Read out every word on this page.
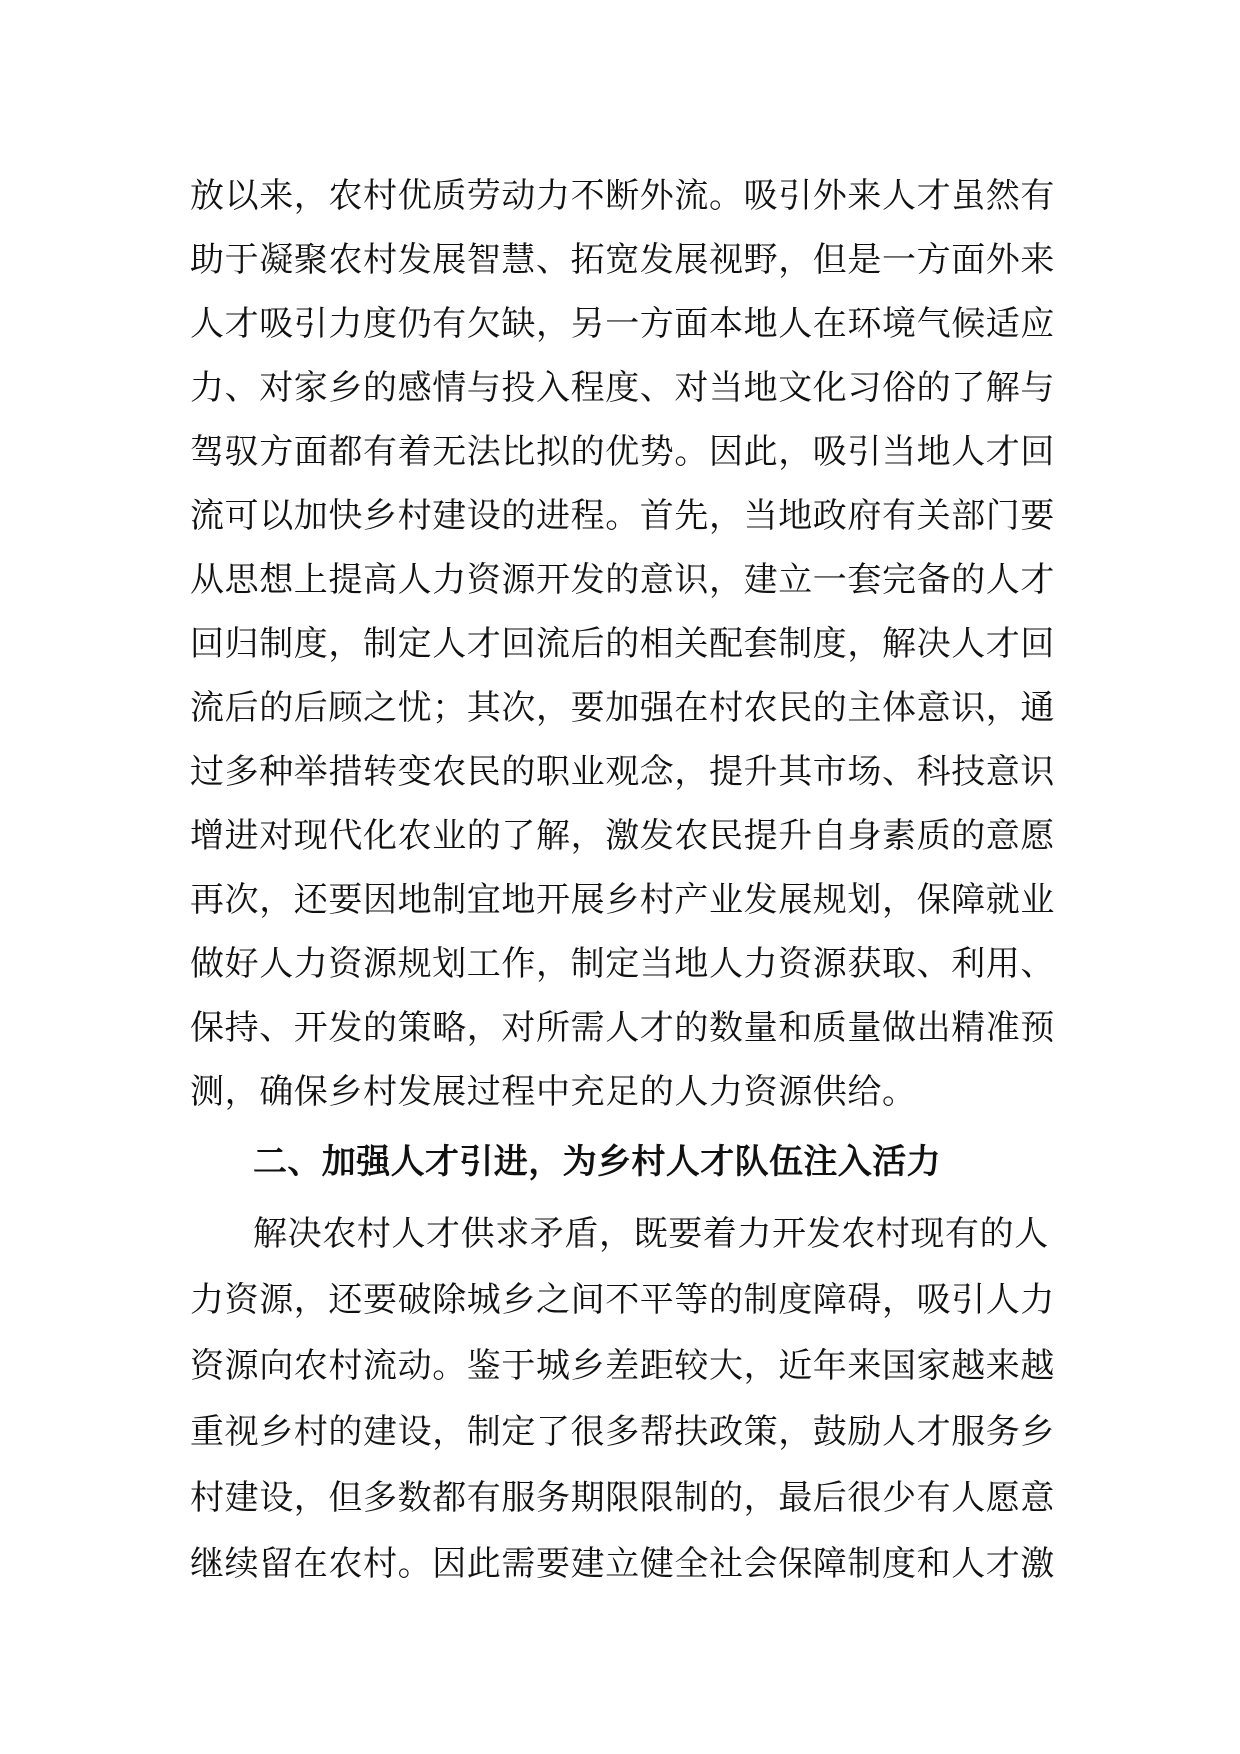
放以来，农村优质劳动力不断外流。吸引外来人才虽然有
助于凝聚农村发展智慧、拓宽发展视野，但是一方面外来
人才吸引力度仍有欠缺，另一方面本地人在环境气候适应
力、对家乡的感情与投入程度、对当地文化习俗的了解与
驾驭方面都有着无法比拟的优势。因此，吸引当地人才回
流可以加快乡村建设的进程。首先，当地政府有关部门要
从思想上提高人力资源开发的意识，建立一套完备的人才
回归制度，制定人才回流后的相关配套制度，解决人才回
流后的后顾之忧；其次，要加强在村农民的主体意识，通
过多种举措转变农民的职业观念，提升其市场、科技意识
增进对现代化农业的了解，激发农民提升自身素质的意愿
再次，还要因地制宜地开展乡村产业发展规划，保障就业
做好人力资源规划工作，制定当地人力资源获取、利用、
保持、开发的策略，对所需人才的数量和质量做出精准预
测，确保乡村发展过程中充足的人力资源供给。
二、加强人才引进，为乡村人才队伍注入活力
解决农村人才供求矛盾，既要着力开发农村现有的人
力资源，还要破除城乡之间不平等的制度障碍，吸引人力
资源向农村流动。鉴于城乡差距较大，近年来国家越来越
重视乡村的建设，制定了很多帮扶政策，鼓励人才服务乡
村建设，但多数都有服务期限限制的，最后很少有人愿意
继续留在农村。因此需要建立健全社会保障制度和人才激
